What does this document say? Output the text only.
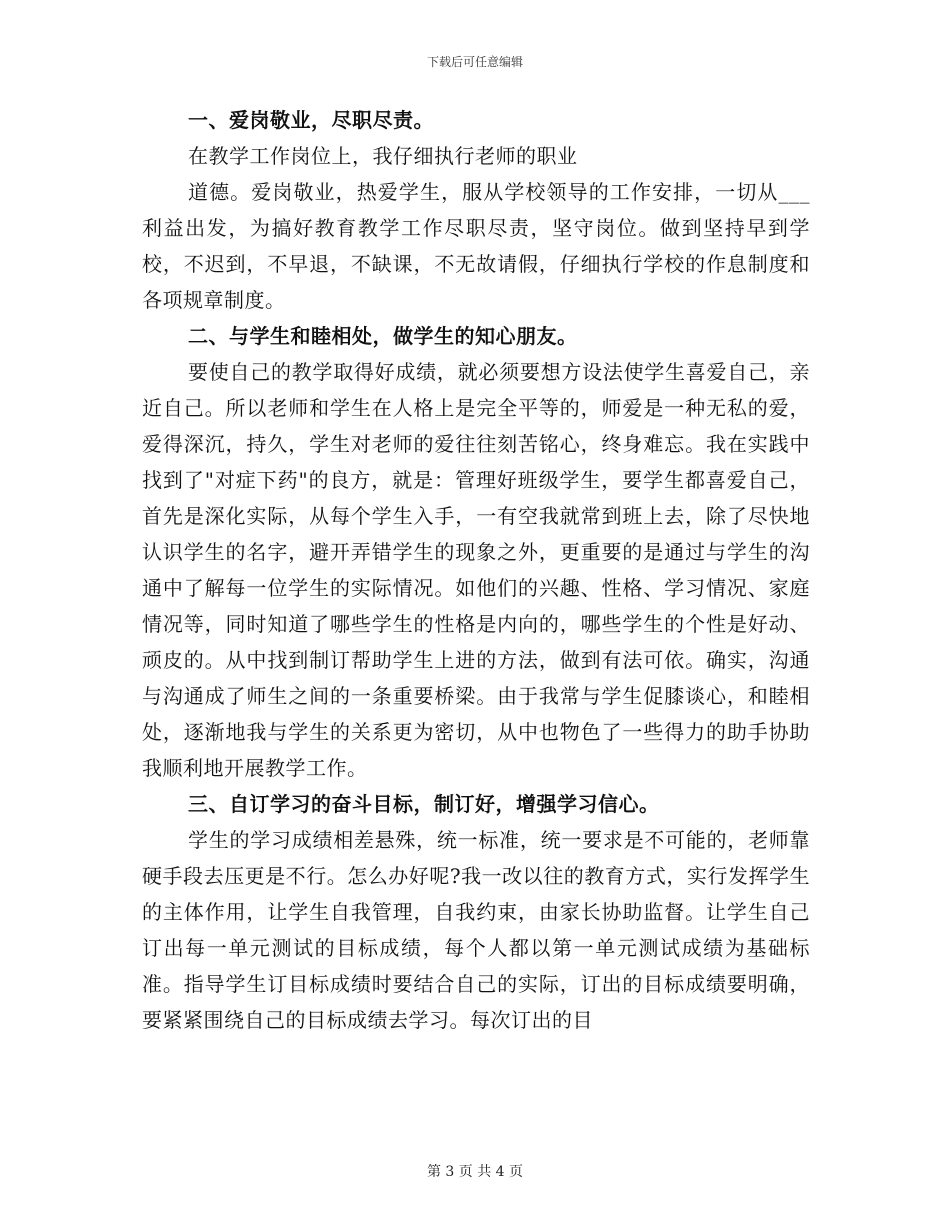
下载后可任意编辑
一、爱岗敬业，尽职尽责。

在教学工作岗位上，我仔细执行老师的职业

道德。爱岗敬业，热爱学生，服从学校领导的工作安排，一切从___利益出发，为搞好教育教学工作尽职尽责，坚守岗位。做到坚持早到学校，不迟到，不早退，不缺课，不无故请假，仔细执行学校的作息制度和各项规章制度。

二、与学生和睦相处，做学生的知心朋友。

要使自己的教学取得好成绩，就必须要想方设法使学生喜爱自己，亲近自己。所以老师和学生在人格上是完全平等的，师爱是一种无私的爱，爱得深沉，持久，学生对老师的爱往往刻苦铭心，终身难忘。我在实践中找到了"对症下药"的良方，就是：管理好班级学生，要学生都喜爱自己，首先是深化实际，从每个学生入手，一有空我就常到班上去，除了尽快地认识学生的名字，避开弄错学生的现象之外，更重要的是通过与学生的沟通中了解每一位学生的实际情况。如他们的兴趣、性格、学习情况、家庭情况等，同时知道了哪些学生的性格是内向的，哪些学生的个性是好动、顽皮的。从中找到制订帮助学生上进的方法，做到有法可依。确实，沟通与沟通成了师生之间的一条重要桥梁。由于我常与学生促膝谈心，和睦相处，逐渐地我与学生的关系更为密切，从中也物色了一些得力的助手协助我顺利地开展教学工作。

三、自订学习的奋斗目标，制订好，增强学习信心。

学生的学习成绩相差悬殊，统一标准，统一要求是不可能的，老师靠硬手段去压更是不行。怎么办好呢?我一改以往的教育方式，实行发挥学生的主体作用，让学生自我管理，自我约束，由家长协助监督。让学生自己订出每一单元测试的目标成绩，每个人都以第一单元测试成绩为基础标准。指导学生订目标成绩时要结合自己的实际，订出的目标成绩要明确，要紧紧围绕自己的目标成绩去学习。每次订出的目

第 3 页 共 4 页
